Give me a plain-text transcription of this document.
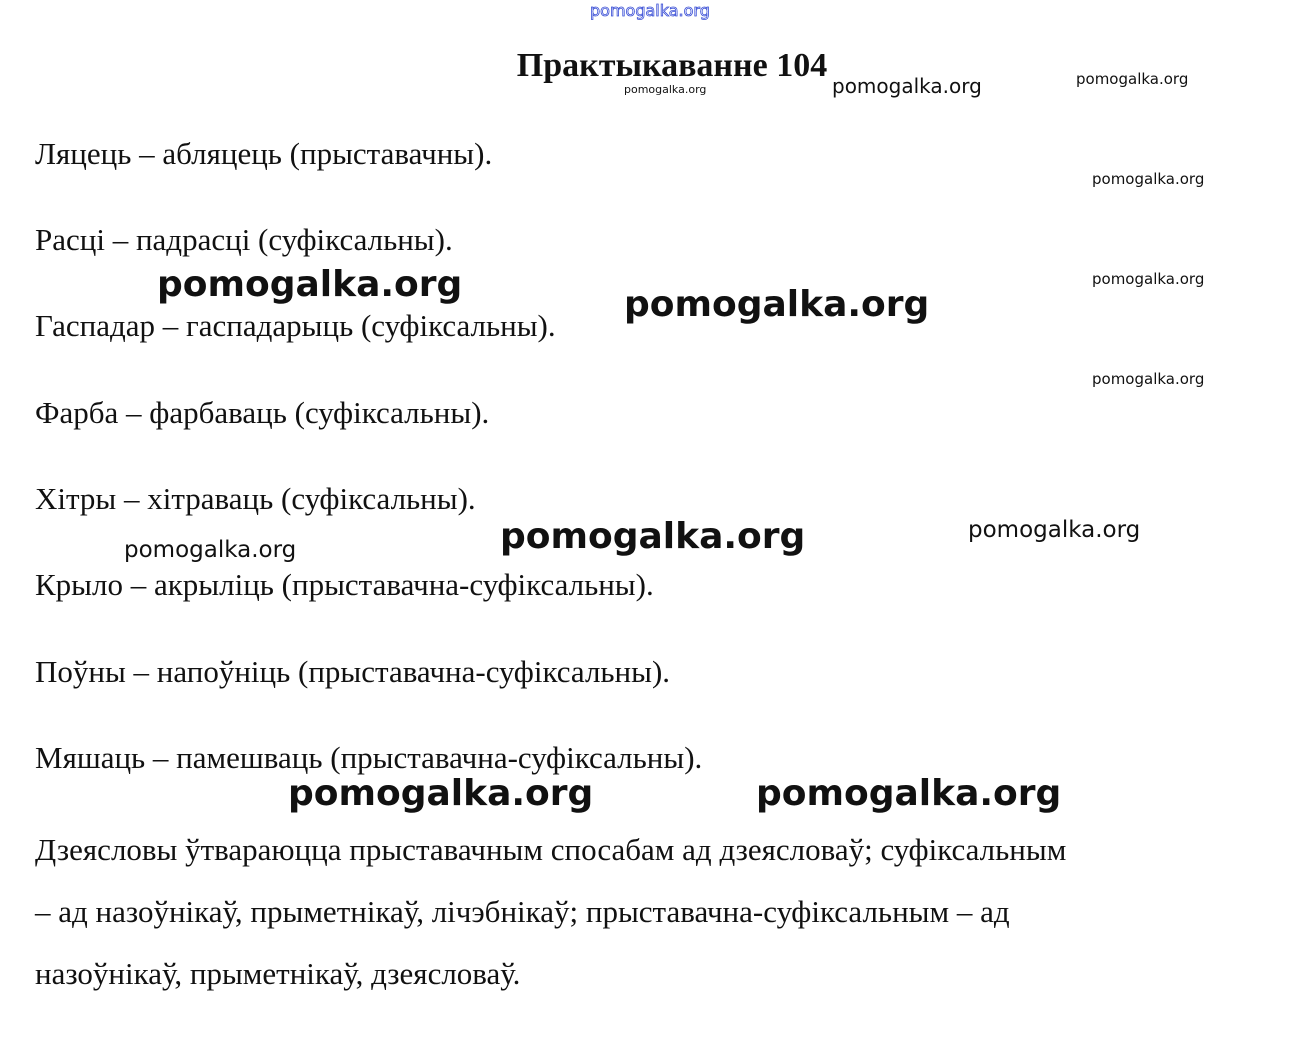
pomogalka.org
Практыкаванне 104
pomogalka.org	pomogalka.org	pomogalka.org
pomogalka.org
pomogalka.org
pomogalka.org

Ляцець – абляцець (прыставачны).

Расці – падрасці (суфіксальны).

Гаспадар – гаспадарыць (суфіксальны).

Фарба – фарбаваць (суфіксальны).

Хітры – хітраваць (суфіксальны).

Крыло – акрыліць (прыставачна-суфіксальны).

Поўны – напоўніць (прыставачна-суфіксальны).

Мяшаць – памешваць (прыставачна-суфіксальны).

Дзеясловы ўтвараюцца прыставачным спосабам ад дзеясловаў; суфіксальным

– ад назоўнікаў, прыметнікаў, лічэбнікаў; прыставачна-суфіксальным – ад

назоўнікаў, прыметнікаў, дзеясловаў.

pomogalka.org	pomogalka.org
pomogalka.org	pomogalka.org
pomogalka.org
pomogalka.org	pomogalka.org
